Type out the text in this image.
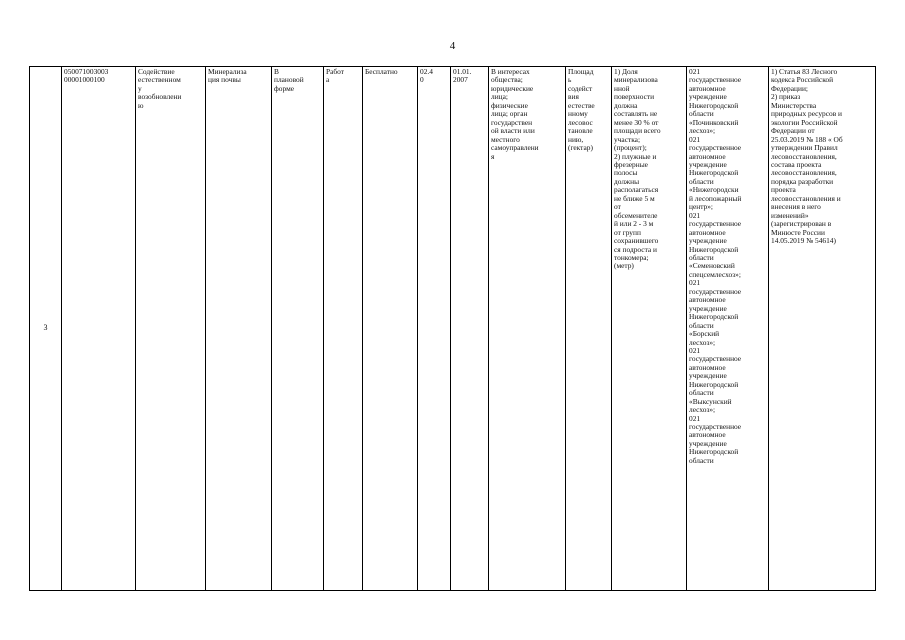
4
3	
050071003003
00001000100

Содействие
естественном
у
возобновлени
ю

Минерализа
ция почвы

В
плановой
форме

Работ
а

Бесплатно	02.4
0

01.01.
2007

В интересах
общества;
юридические
лица;
физические
лица; орган
государствен
ой власти или
местного
самоуправлени
я

Площад
ь
содейст
вия
естестве
нному
лесовос
тановле
нию,
(гектар)

1) Доля
минерализова
нной
поверхности
должна
составлять не
менее 30 % от
площади всего
участка;
(процент);
2) плужные и
фрезерные
полосы
должны
располагаться
не ближе 5 м
от
обсеменителе
й или 2 - 3 м
от групп
сохранившего
ся подроста и
тонкомера;
(метр)

021
государственное
автономное
учреждение
Нижегородской
области
«Починковский
лесхоз»;
021
государственное
автономное
учреждение
Нижегородской
области
«Нижегородски
й лесопожарный
центр»;
021
государственное
автономное
учреждение
Нижегородской
области
«Семеновский
спецсемлесхоз»;
021
государственное
автономное
учреждение
Нижегородской
области
«Борский
лесхоз»;
021
государственное
автономное
учреждение
Нижегородской
области
«Выксунский
лесхоз»;
021
государственное
автономное
учреждение
Нижегородской
области

1) Статья 83 Лесного
кодекса Российской
Федерации;
2) приказ
Министерства
природных ресурсов и
экологии Российской
Федерации от
25.03.2019 № 188 « Об
утверждении Правил
лесовосстановления,
состава проекта
лесовосстановления,
порядка разработки
проекта
лесовосстановления и
внесения в него
изменений»
(зарегистрирован в
Минюсте России
14.05.2019 № 54614)
